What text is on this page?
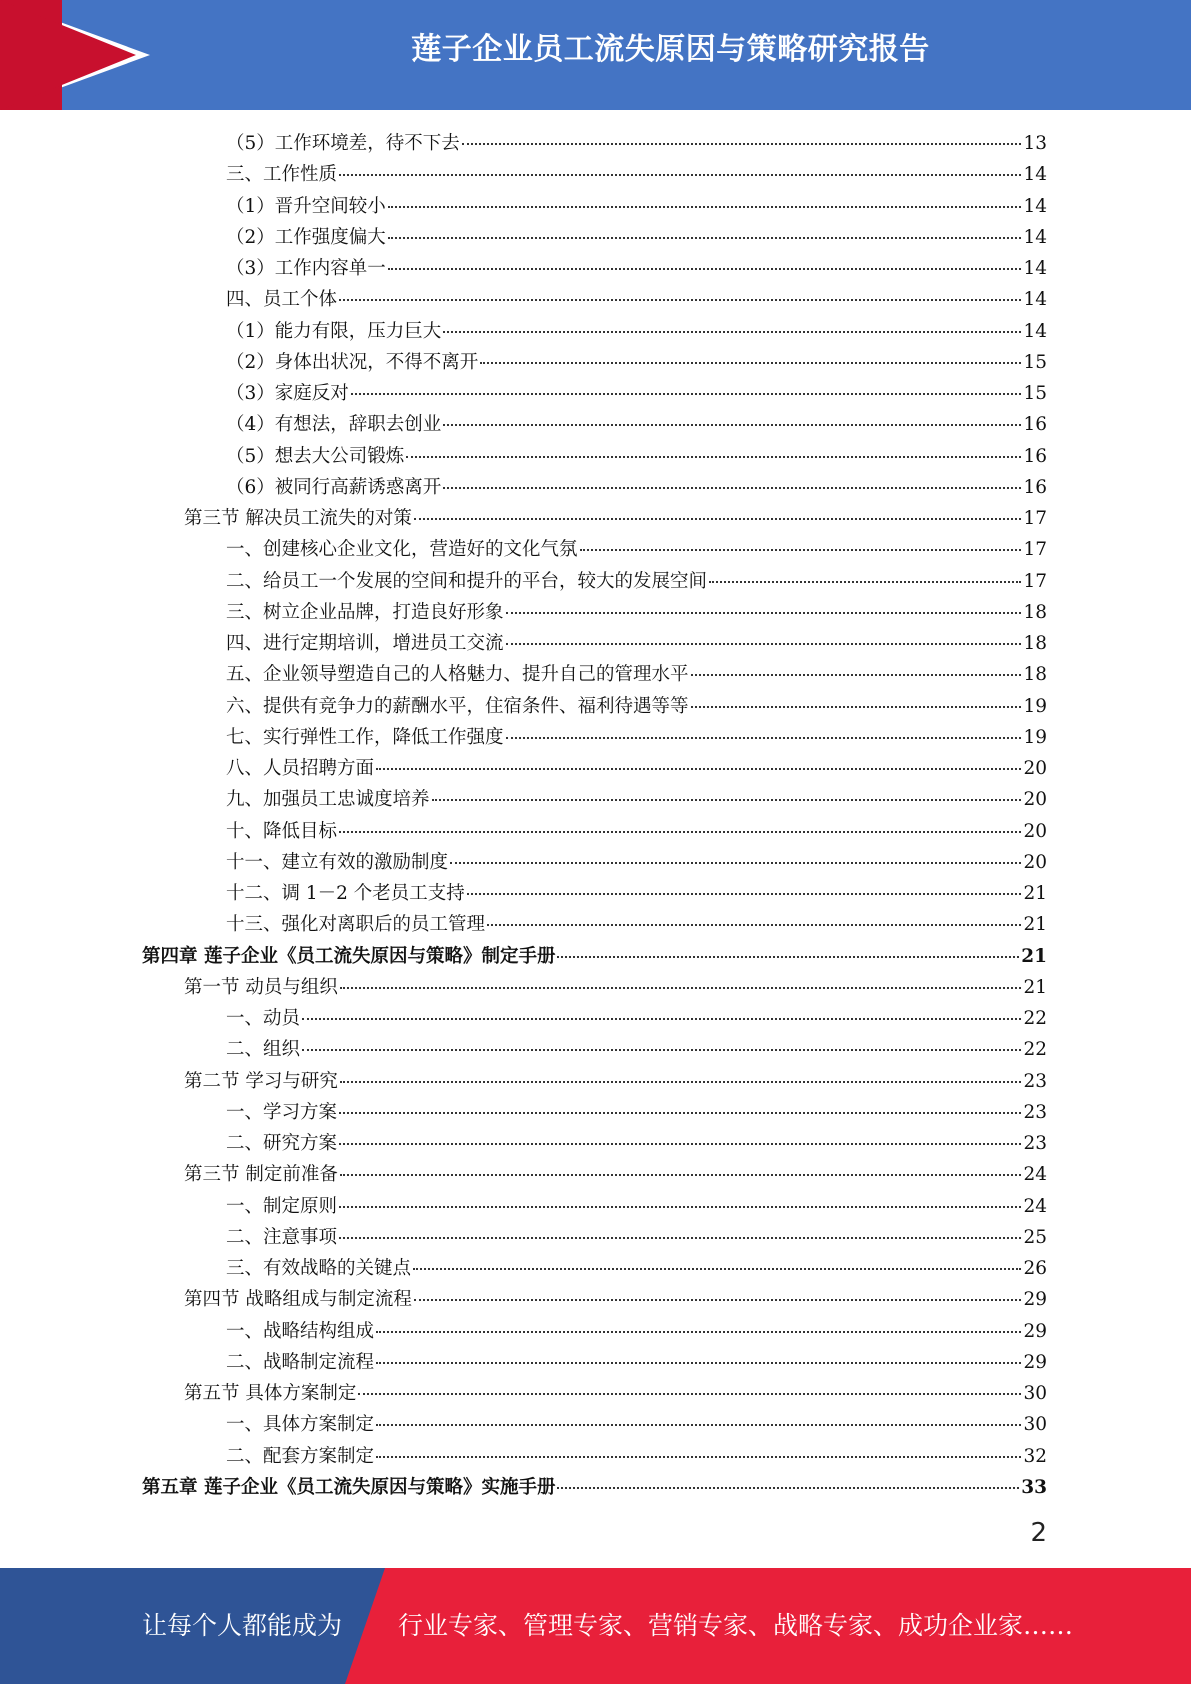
莲子企业员工流失原因与策略研究报告
（5）工作环境差，待不下去	13
三、工作性质	14
（1）晋升空间较小	14
（2）工作强度偏大	14
（3）工作内容单一	14
四、员工个体	14
（1）能力有限，压力巨大	14
（2）身体出状况，不得不离开	15
（3）家庭反对	15
（4）有想法，辞职去创业	16
（5）想去大公司锻炼	16
（6）被同行高薪诱惑离开	16
第三节 解决员工流失的对策	17
一、创建核心企业文化，营造好的文化气氛	17
二、给员工一个发展的空间和提升的平台，较大的发展空间	17
三、树立企业品牌，打造良好形象	18
四、进行定期培训，增进员工交流	18
五、企业领导塑造自己的人格魅力、提升自己的管理水平	18
六、提供有竞争力的薪酬水平，住宿条件、福利待遇等等	19
七、实行弹性工作，降低工作强度	19
八、人员招聘方面	20
九、加强员工忠诚度培养	20
十、降低目标	20
十一、建立有效的激励制度	20
十二、调 1－2 个老员工支持	21
十三、强化对离职后的员工管理	21
第四章 莲子企业《员工流失原因与策略》制定手册	21
第一节 动员与组织	21
一、动员	22
二、组织	22
第二节 学习与研究	23
一、学习方案	23
二、研究方案	23
第三节 制定前准备	24
一、制定原则	24
二、注意事项	25
三、有效战略的关键点	26
第四节 战略组成与制定流程	29
一、战略结构组成	29
二、战略制定流程	29
第五节 具体方案制定	30
一、具体方案制定	30
二、配套方案制定	32
第五章 莲子企业《员工流失原因与策略》实施手册	33
2
让每个人都能成为 行业专家、管理专家、营销专家、战略专家、成功企业家……
